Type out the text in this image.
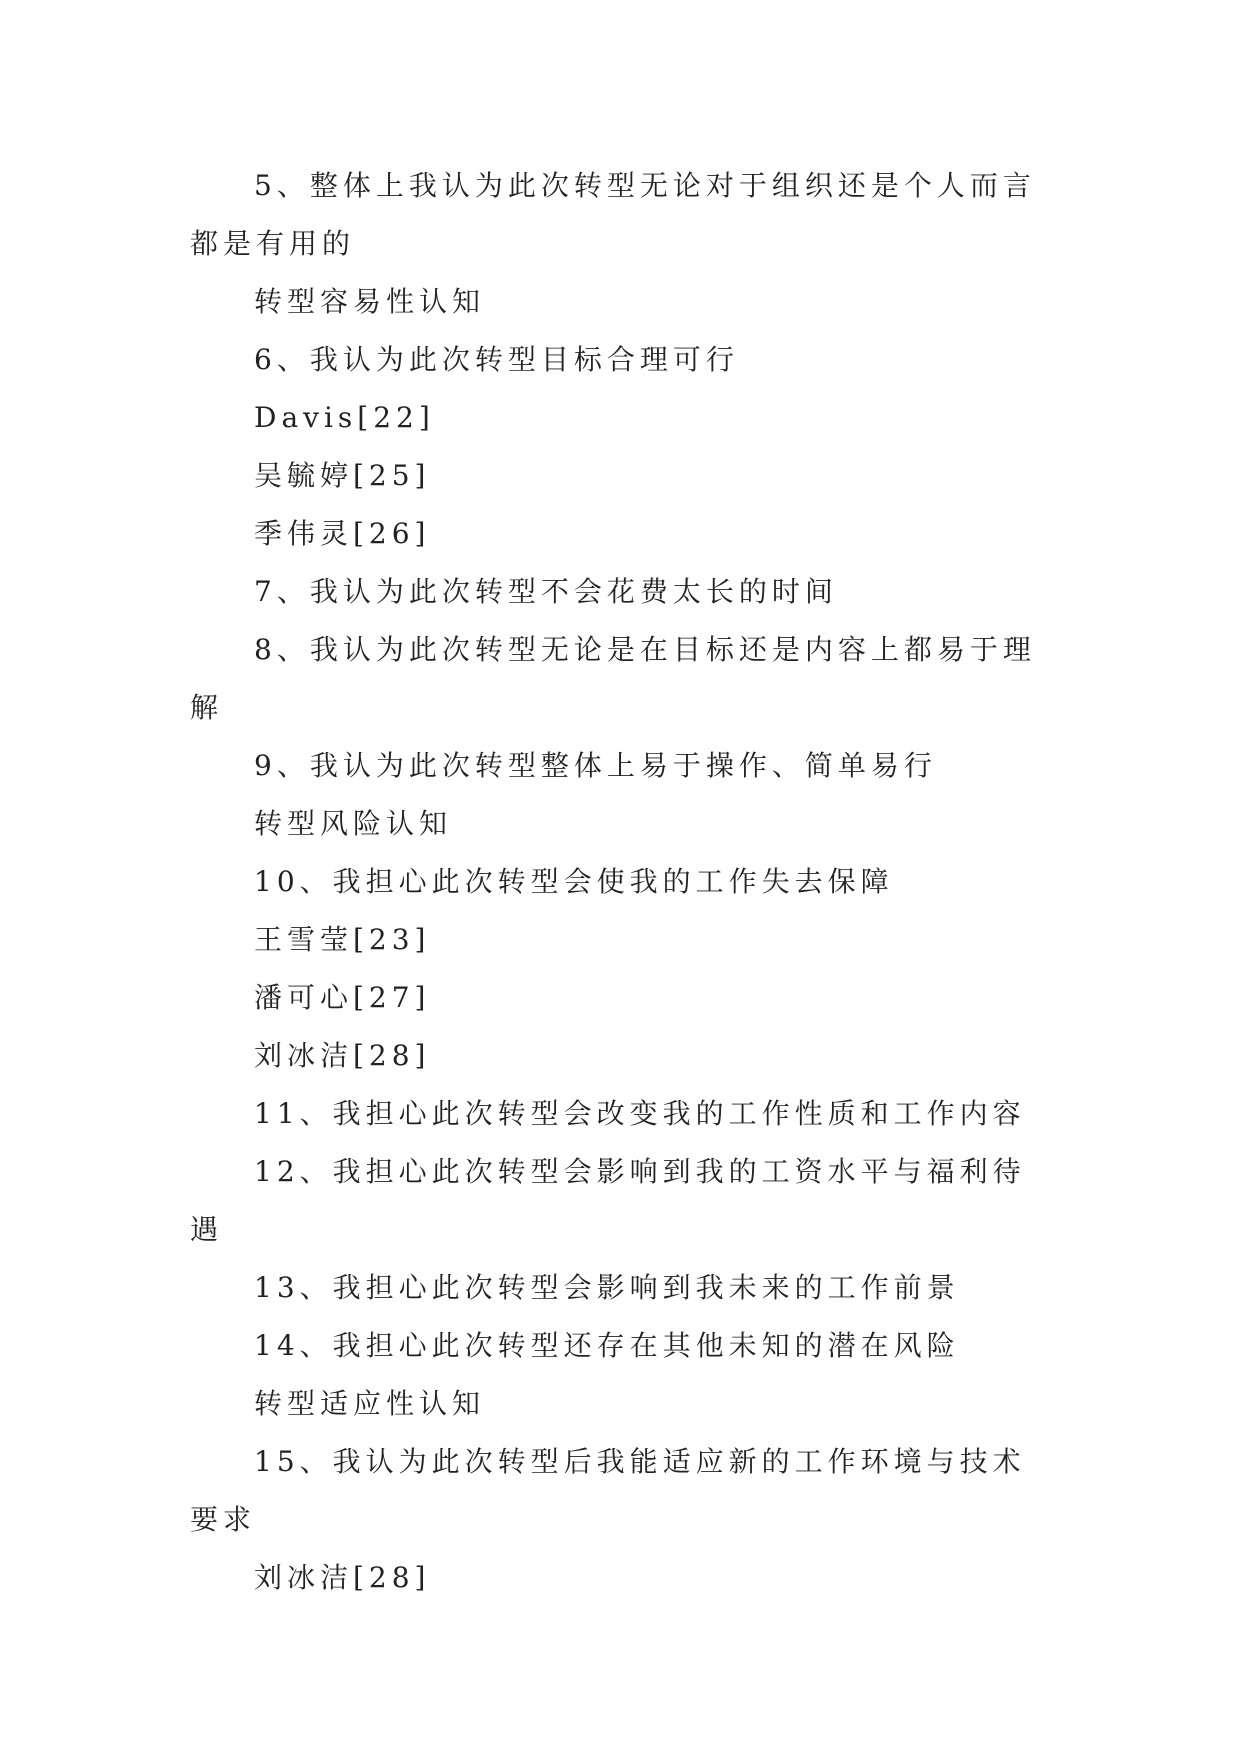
5、整体上我认为此次转型无论对于组织还是个人而言都是有用的

转型容易性认知

6、我认为此次转型目标合理可行

Davis[22]

吴毓婷[25]

季伟灵[26]

7、我认为此次转型不会花费太长的时间

8、我认为此次转型无论是在目标还是内容上都易于理解

9、我认为此次转型整体上易于操作、简单易行

转型风险认知

10、我担心此次转型会使我的工作失去保障

王雪莹[23]

潘可心[27]

刘冰洁[28]

11、我担心此次转型会改变我的工作性质和工作内容

12、我担心此次转型会影响到我的工资水平与福利待遇

13、我担心此次转型会影响到我未来的工作前景

14、我担心此次转型还存在其他未知的潜在风险

转型适应性认知

15、我认为此次转型后我能适应新的工作环境与技术要求

刘冰洁[28]
